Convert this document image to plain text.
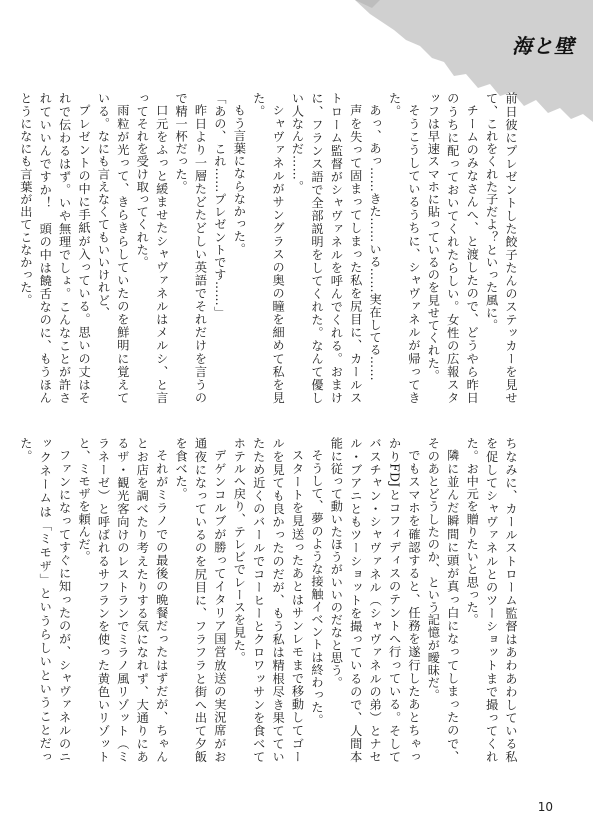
海と壁

前日彼にプレゼントした餃子たんのステッカーを見せて、これをくれた子だよ？といった風に。

チームのみなさんへ、と渡したので、どうやら昨日のうちに配っておいてくれたらしい。女性の広報スタッフは早速スマホに貼っているのを見せてくれた。

そうこうしているうちに、シャヴァネルが帰ってきた。

あっ、あっ……きた……いる……実在してる……

声を失って固まってしまった私を尻目に、カールストローム監督がシャヴァネルを呼んでくれる。おまけに、フランス語で全部説明をしてくれた。なんて優しい人なんだ……。

シャヴァネルがサングラスの奥の瞳を細めて私を見た。

もう言葉にならなかった。

「あの、これ……プレゼントです……」

昨日より一層たどたどしい英語でそれだけを言うので精一杯だった。

口元をふっと緩ませたシャヴァネルはメルシ、と言ってそれを受け取ってくれた。

雨粒が光って、きらきらしていたのを鮮明に覚えている。なにも言えなくてもいいけれど、

プレゼントの中に手紙が入っている。思いの丈はそれで伝わるはず。いや無理でしょ。こんなことが許されていいんですか！　頭の中は饒舌なのに、もうほんとうになにも言葉が出てこなかった。

ちなみに、カールストローム監督はあわあわしている私を促してシャヴァネルとのツーショットまで撮ってくれた。お中元を贈りたいと思った。

隣に並んだ瞬間に頭が真っ白になってしまったので、そのあとどうしたのか、という記憶が曖昧だ。

でもスマホを確認すると、任務を遂行したあとちゃっかりFDJとコフィディスのテントへ行っている。そしてバスチャン・シャヴァネル（シャヴァネルの弟）とナセル・ブアニともツーショットを撮っているので、人間本能に従って動いたほうがいいのだなと思う。

そうして、夢のような接触イベントは終わった。

スタートを見送ったあとはサンレモまで移動してゴールを見ても良かったのだが、もう私は精根尽き果てていたため近くのバールでコーヒーとクロワッサンを食べてホテルへ戻り、テレビでレースを見た。

デゲンコルブが勝ってイタリア国営放送の実況席がお通夜になっているのを尻目に、フラフラと街へ出て夕飯を食べた。

それがミラノでの最後の晩餐だったはずだが、ちゃんとお店を調べたり考えたりする気になれず、大通りにあるザ・観光客向けのレストランでミラノ風リゾット（ミラネーゼ）と呼ばれるサフランを使った黄色いリゾットと、ミモザを頼んだ。

ファンになってすぐに知ったのが、シャヴァネルのニックネームは「ミモザ」というらしいということだった。

10
